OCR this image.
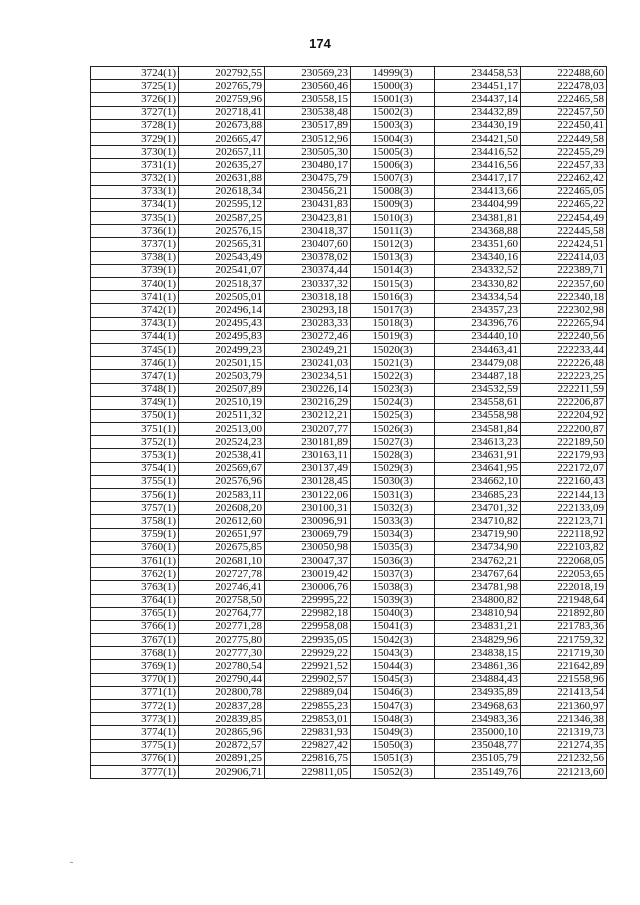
174
3724(1)	202792,55	230569,23	14999(3)	234458,53	222488,60
3725(1)	202765,79	230560,46	15000(3)	234451,17	222478,03
3726(1)	202759,96	230558,15	15001(3)	234437,14	222465,58
3727(1)	202718,41	230538,48	15002(3)	234432,89	222457,50
3728(1)	202673,88	230517,89	15003(3)	234430,19	222450,41
3729(1)	202665,47	230512,96	15004(3)	234421,50	222449,58
3730(1)	202657,11	230505,30	15005(3)	234416,52	222455,29
3731(1)	202635,27	230480,17	15006(3)	234416,56	222457,33
3732(1)	202631,88	230475,79	15007(3)	234417,17	222462,42
3733(1)	202618,34	230456,21	15008(3)	234413,66	222465,05
3734(1)	202595,12	230431,83	15009(3)	234404,99	222465,22
3735(1)	202587,25	230423,81	15010(3)	234381,81	222454,49
3736(1)	202576,15	230418,37	15011(3)	234368,88	222445,58
3737(1)	202565,31	230407,60	15012(3)	234351,60	222424,51
3738(1)	202543,49	230378,02	15013(3)	234340,16	222414,03
3739(1)	202541,07	230374,44	15014(3)	234332,52	222389,71
3740(1)	202518,37	230337,32	15015(3)	234330,82	222357,60
3741(1)	202505,01	230318,18	15016(3)	234334,54	222340,18
3742(1)	202496,14	230293,18	15017(3)	234357,23	222302,98
3743(1)	202495,43	230283,33	15018(3)	234396,76	222265,94
3744(1)	202495,83	230272,46	15019(3)	234440,10	222240,56
3745(1)	202499,23	230249,21	15020(3)	234463,41	222233,44
3746(1)	202501,15	230241,03	15021(3)	234479,08	222226,48
3747(1)	202503,79	230234,51	15022(3)	234487,18	222223,25
3748(1)	202507,89	230226,14	15023(3)	234532,59	222211,59
3749(1)	202510,19	230216,29	15024(3)	234558,61	222206,87
3750(1)	202511,32	230212,21	15025(3)	234558,98	222204,92
3751(1)	202513,00	230207,77	15026(3)	234581,84	222200,87
3752(1)	202524,23	230181,89	15027(3)	234613,23	222189,50
3753(1)	202538,41	230163,11	15028(3)	234631,91	222179,93
3754(1)	202569,67	230137,49	15029(3)	234641,95	222172,07
3755(1)	202576,96	230128,45	15030(3)	234662,10	222160,43
3756(1)	202583,11	230122,06	15031(3)	234685,23	222144,13
3757(1)	202608,20	230100,31	15032(3)	234701,32	222133,09
3758(1)	202612,60	230096,91	15033(3)	234710,82	222123,71
3759(1)	202651,97	230069,79	15034(3)	234719,90	222118,92
3760(1)	202675,85	230050,98	15035(3)	234734,90	222103,82
3761(1)	202681,10	230047,37	15036(3)	234762,21	222068,05
3762(1)	202727,78	230019,42	15037(3)	234767,64	222053,65
3763(1)	202746,41	230006,76	15038(3)	234781,98	222018,19
3764(1)	202758,50	229995,22	15039(3)	234800,82	221948,64
3765(1)	202764,77	229982,18	15040(3)	234810,94	221892,80
3766(1)	202771,28	229958,08	15041(3)	234831,21	221783,36
3767(1)	202775,80	229935,05	15042(3)	234829,96	221759,32
3768(1)	202777,30	229929,22	15043(3)	234838,15	221719,30
3769(1)	202780,54	229921,52	15044(3)	234861,36	221642,89
3770(1)	202790,44	229902,57	15045(3)	234884,43	221558,96
3771(1)	202800,78	229889,04	15046(3)	234935,89	221413,54
3772(1)	202837,28	229855,23	15047(3)	234968,63	221360,97
3773(1)	202839,85	229853,01	15048(3)	234983,36	221346,38
3774(1)	202865,96	229831,93	15049(3)	235000,10	221319,73
3775(1)	202872,57	229827,42	15050(3)	235048,77	221274,35
3776(1)	202891,25	229816,75	15051(3)	235105,79	221232,56
3777(1)	202906,71	229811,05	15052(3)	235149,76	221213,60
